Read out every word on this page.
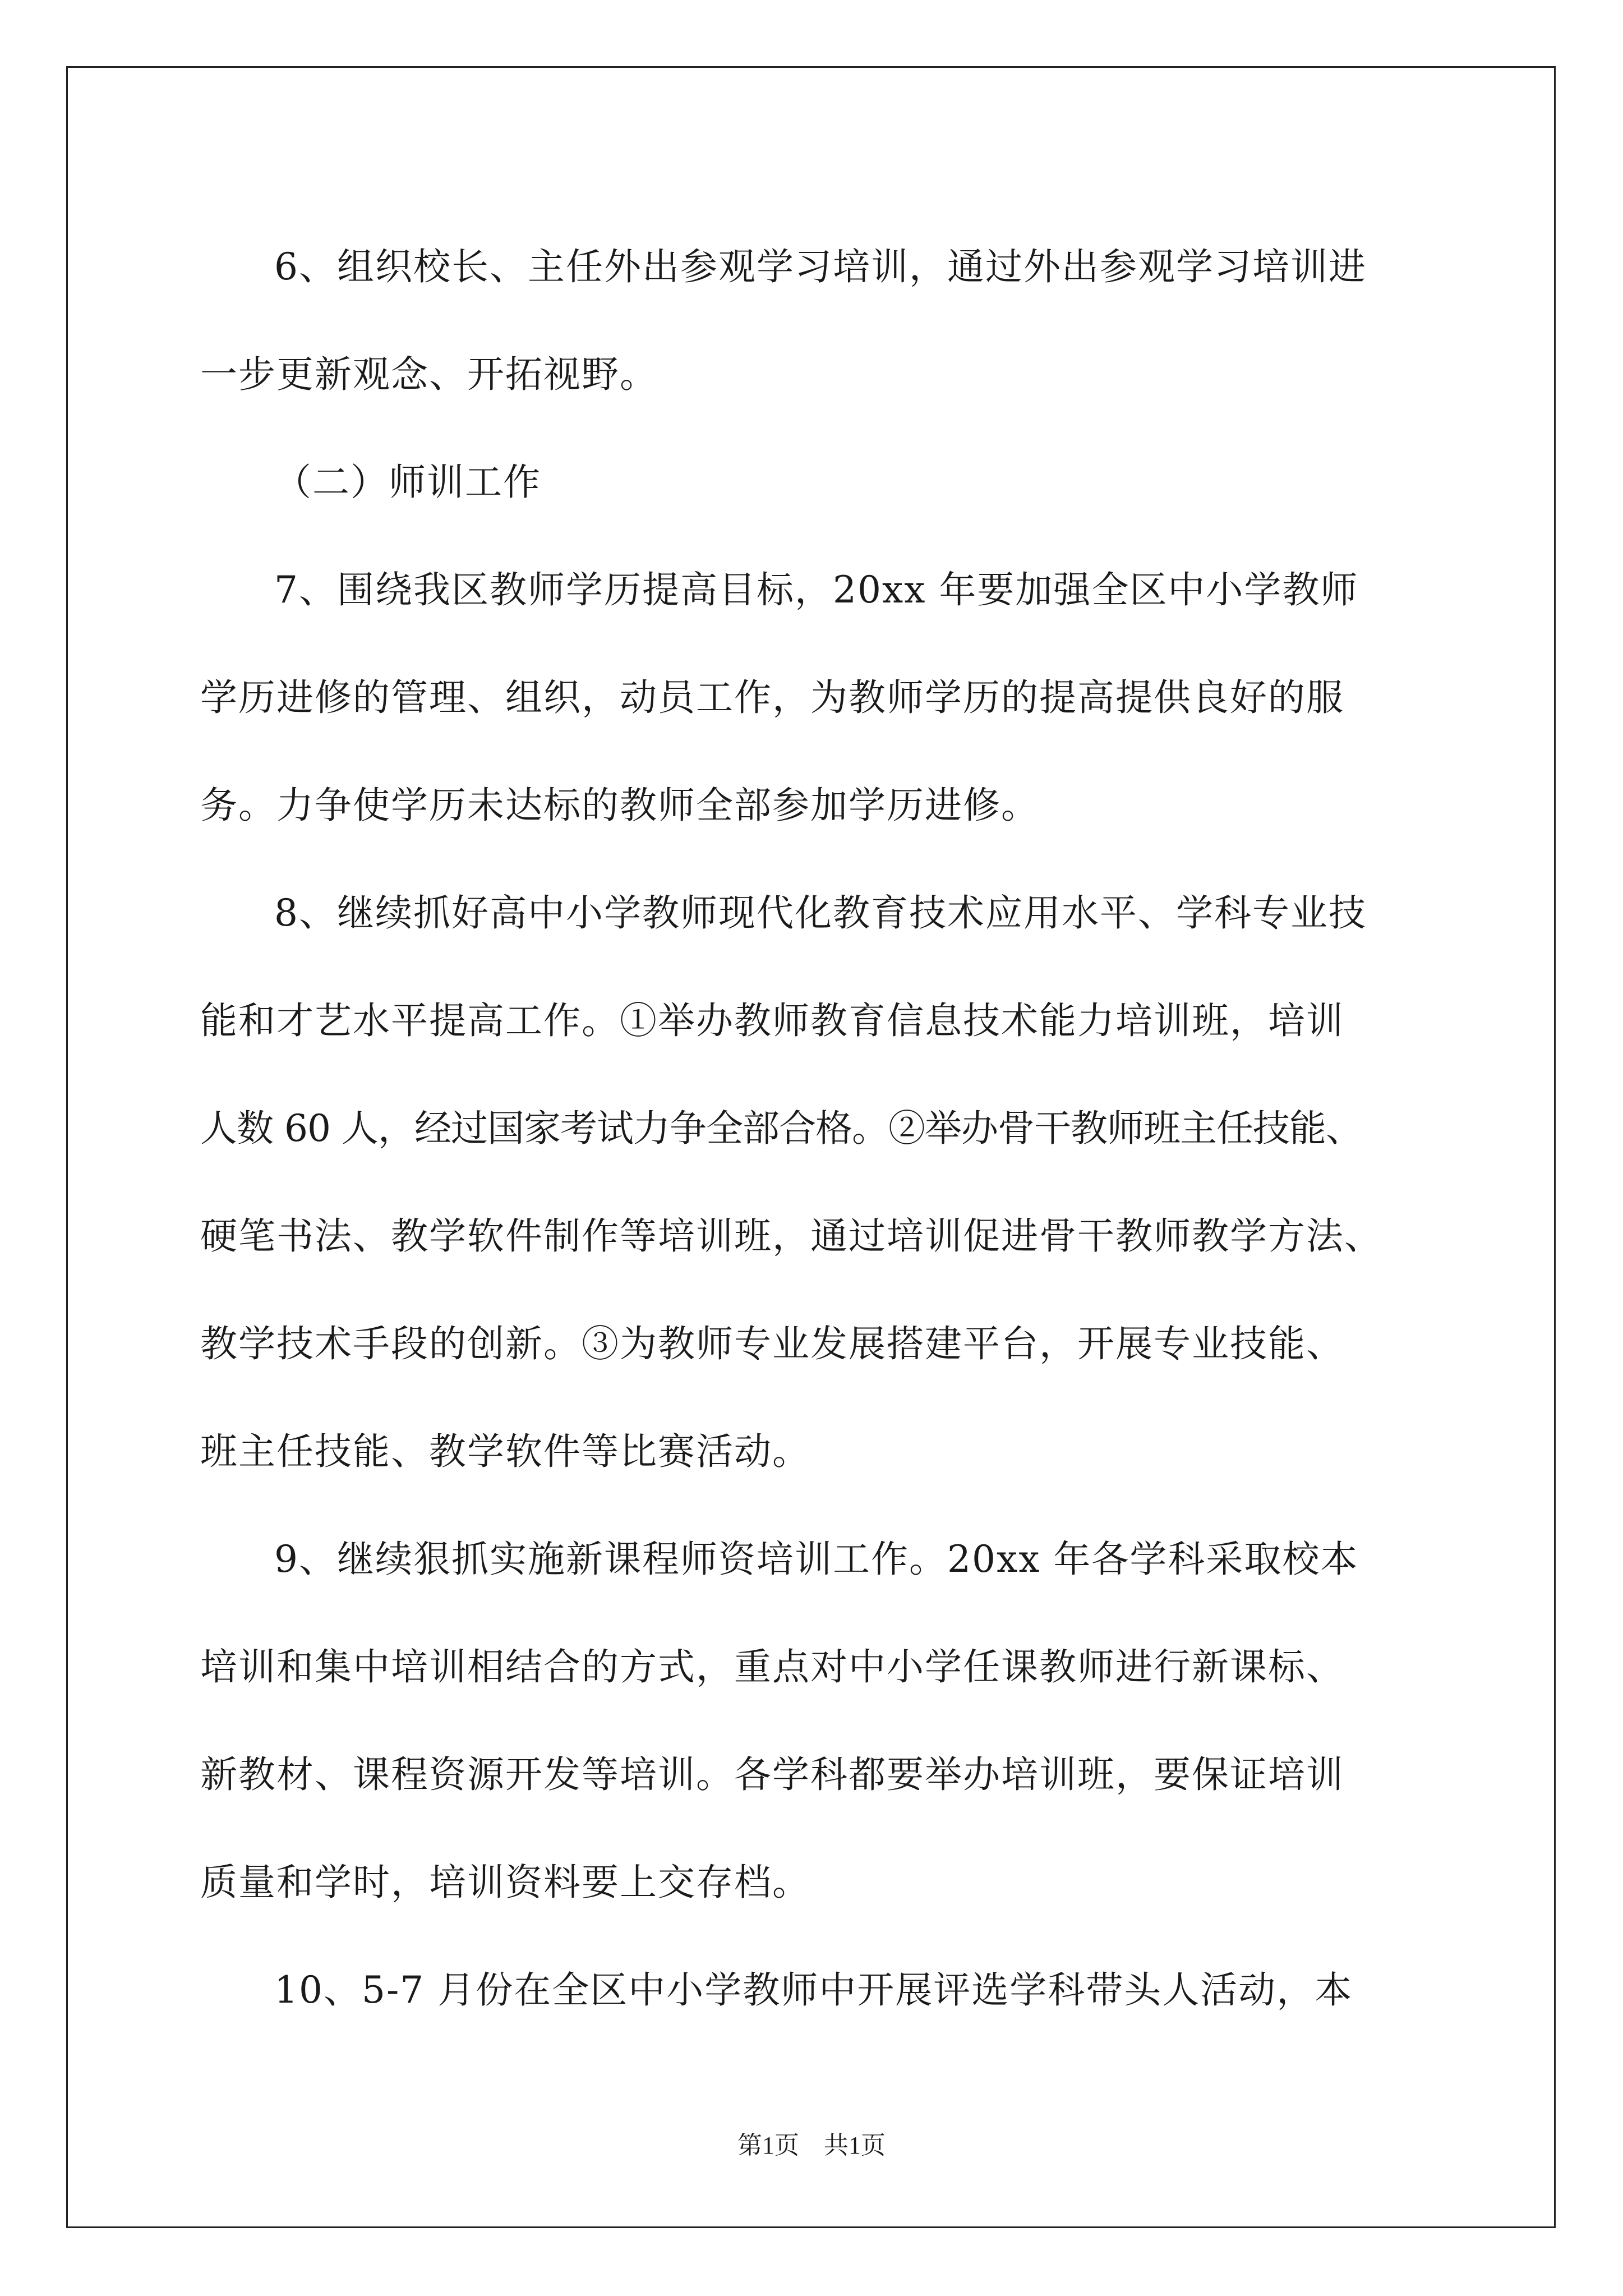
6、组织校长、主任外出参观学习培训，通过外出参观学习培训进
一步更新观念、开拓视野。
（二）师训工作
7、围绕我区教师学历提高目标，20xx 年要加强全区中小学教师
学历进修的管理、组织，动员工作，为教师学历的提高提供良好的服
务。力争使学历未达标的教师全部参加学历进修。
8、继续抓好高中小学教师现代化教育技术应用水平、学科专业技
能和才艺水平提高工作。①举办教师教育信息技术能力培训班，培训
人数 60 人，经过国家考试力争全部合格。②举办骨干教师班主任技能、
硬笔书法、教学软件制作等培训班，通过培训促进骨干教师教学方法、
教学技术手段的创新。③为教师专业发展搭建平台，开展专业技能、
班主任技能、教学软件等比赛活动。
9、继续狠抓实施新课程师资培训工作。20xx 年各学科采取校本
培训和集中培训相结合的方式，重点对中小学任课教师进行新课标、
新教材、课程资源开发等培训。各学科都要举办培训班，要保证培训
质量和学时，培训资料要上交存档。
10、5-7 月份在全区中小学教师中开展评选学科带头人活动，本
第1页　共1页
